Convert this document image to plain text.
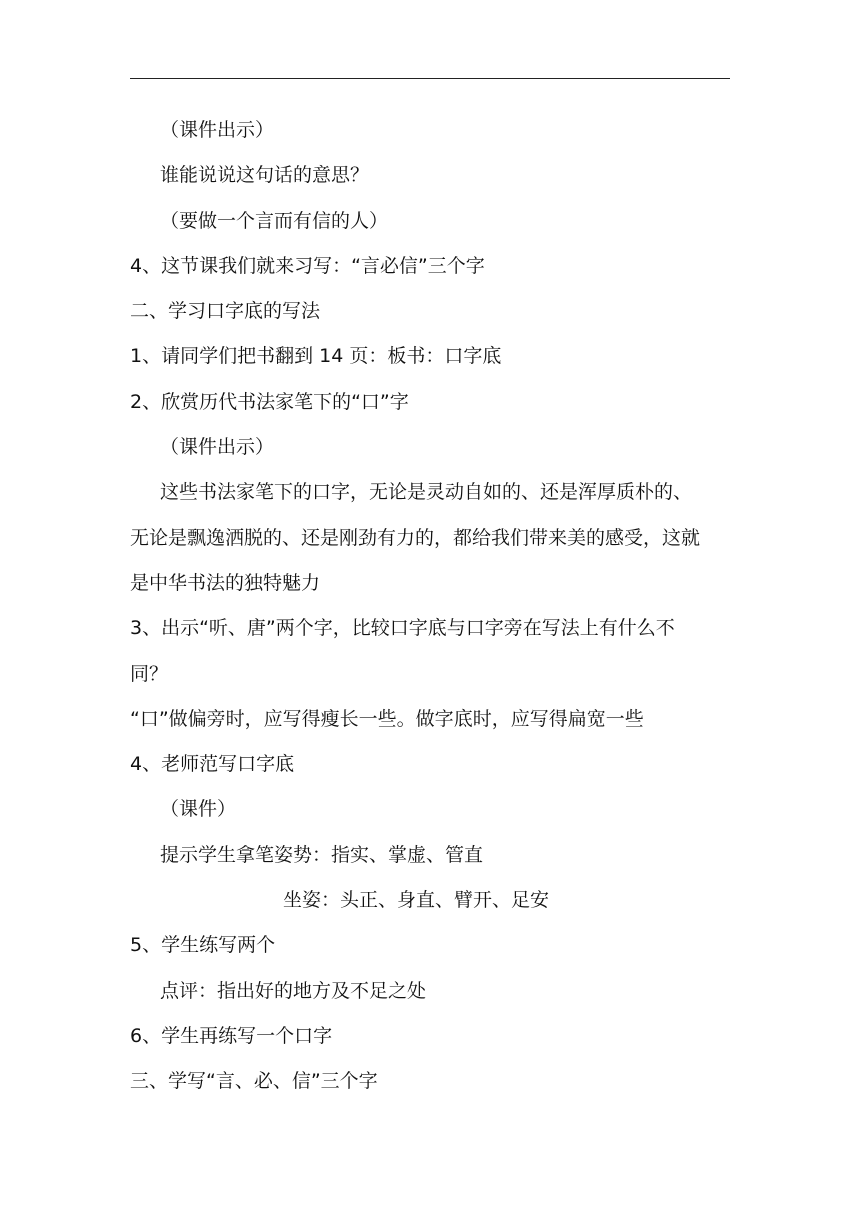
（课件出示）
谁能说说这句话的意思？
（要做一个言而有信的人）
4、这节课我们就来习写：“言必信”三个字
二、学习口字底的写法
1、请同学们把书翻到 14 页：板书：口字底
2、欣赏历代书法家笔下的“口”字
（课件出示）
这些书法家笔下的口字，无论是灵动自如的、还是浑厚质朴的、
无论是飘逸洒脱的、还是刚劲有力的，都给我们带来美的感受，这就
是中华书法的独特魅力
3、出示“听、唐”两个字，比较口字底与口字旁在写法上有什么不
同？
“口”做偏旁时，应写得瘦长一些。做字底时，应写得扁宽一些
4、老师范写口字底
（课件）
提示学生拿笔姿势：指实、掌虚、管直
坐姿：头正、身直、臂开、足安
5、学生练写两个
点评：指出好的地方及不足之处
6、学生再练写一个口字
三、学写“言、必、信”三个字
